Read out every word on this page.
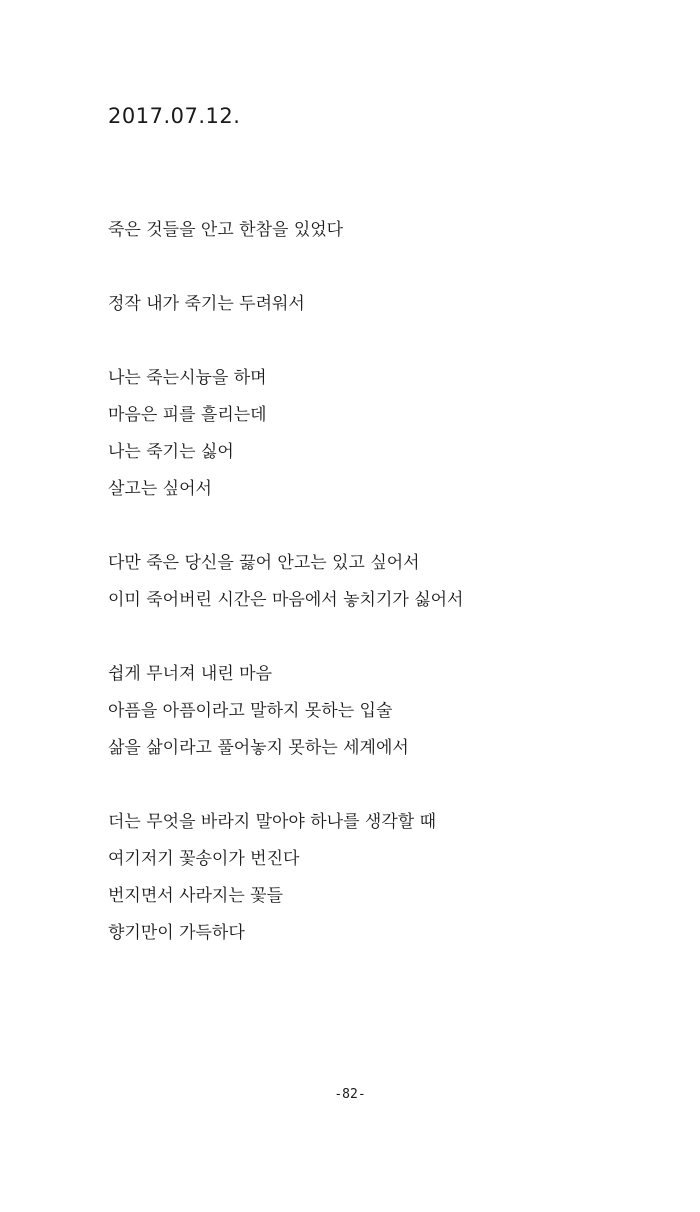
2017.07.12.

죽은 것들을 안고 한참을 있었다

정작 내가 죽기는 두려워서

나는 죽는시늉을 하며
마음은 피를 흘리는데
나는 죽기는 싫어
살고는 싶어서

다만 죽은 당신을 끓어 안고는 있고 싶어서
이미 죽어버린 시간은 마음에서 놓치기가 싫어서

쉽게 무너져 내린 마음
아픔을 아픔이라고 말하지 못하는 입술
삶을 삶이라고 풀어놓지 못하는 세계에서

더는 무엇을 바라지 말아야 하나를 생각할 때
여기저기 꽃송이가 번진다
번지면서 사라지는 꽃들
향기만이 가득하다

-82-
